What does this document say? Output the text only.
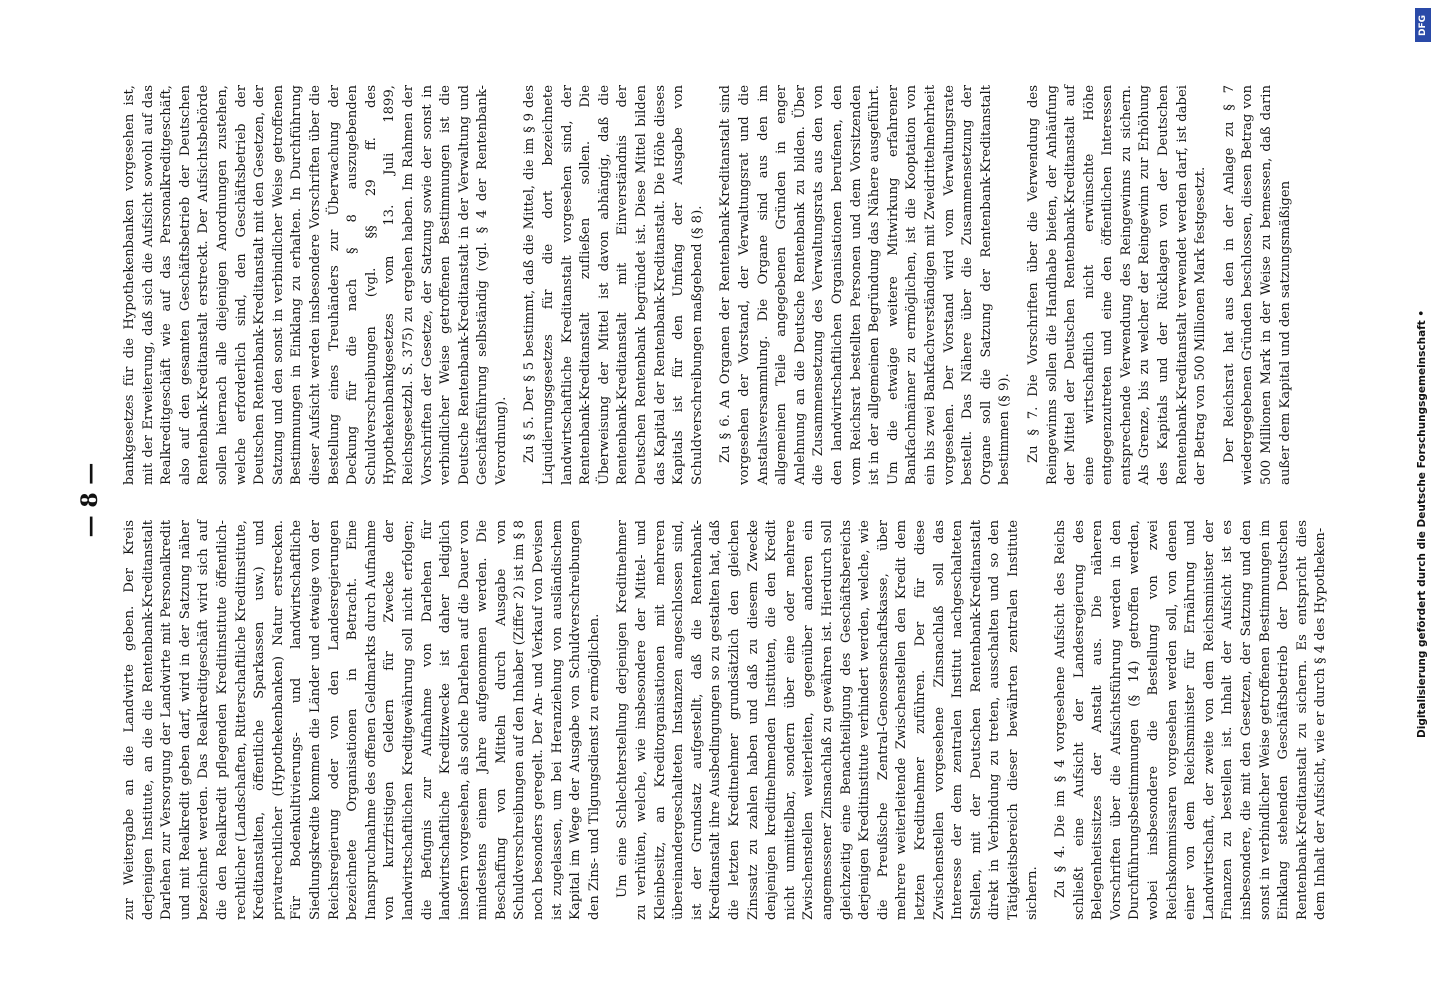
— 8 —

zur Weitergabe an die Landwirte geben. Der Kreis derjenigen Institute, an die die Rentenbank-Kreditanstalt Darlehen zur Versorgung der Landwirte mit Personalkredit und mit Realkredit geben darf, wird in der Satzung näher bezeichnet werden. Das Realkreditgeschäft wird sich auf die den Realkredit pflegenden Kreditinstitute öffentlich-rechtlicher (Landschaften, Ritterschaftliche Kreditinstitute, Kreditanstalten, öffentliche Sparkassen usw.) und privatrechtlicher (Hypothekenbanken) Natur erstrecken. Für Bodenkultivierungs- und landwirtschaftliche Siedlungskredite kommen die Länder und etwaige von der Reichsregierung oder von den Landesregierungen bezeichnete Organisationen in Betracht. Eine Inanspruchnahme des offenen Geldmarkts durch Aufnahme von kurzfristigen Geldern für Zwecke der landwirtschaftlichen Kreditgewährung soll nicht erfolgen; die Befugnis zur Aufnahme von Darlehen für landwirtschaftliche Kreditzwecke ist daher lediglich insofern vorgesehen, als solche Darlehen auf die Dauer von mindestens einem Jahre aufgenommen werden. Die Beschaffung von Mitteln durch Ausgabe von Schuldverschreibungen auf den Inhaber (Ziffer 2) ist im § 8 noch besonders geregelt. Der An- und Verkauf von Devisen ist zugelassen, um bei Heranziehung von ausländischem Kapital im Wege der Ausgabe von Schuldverschreibungen den Zins- und Tilgungsdienst zu ermöglichen. Um eine Schlechterstellung derjenigen Kreditnehmer zu verhüten, welche, wie insbesondere der Mittel- und Kleinbesitz, an Kreditorganisationen mit mehreren übereinandergeschalteten Instanzen angeschlossen sind, ist der Grundsatz aufgestellt, daß die Rentenbank-Kreditanstalt ihre Ausbedingungen so zu gestalten hat, daß die letzten Kreditnehmer grundsätzlich den gleichen Zinssatz zu zahlen haben und daß zu diesem Zwecke denjenigen kreditnehmenden Instituten, die den Kredit nicht unmittelbar, sondern über eine oder mehrere Zwischenstellen weiterleiten, gegenüber anderen ein angemessener Zinsnachlaß zu gewähren ist. Hierdurch soll gleichzeitig eine Benachteiligung des Geschäftsbereichs derjenigen Kreditinstitute verhindert werden, welche, wie die Preußische Zentral-Genossenschaftskasse, über mehrere weiterleitende Zwischenstellen den Kredit dem letzten Kreditnehmer zuführen. Der für diese Zwischenstellen vorgesehene Zinsnachlaß soll das Interesse der dem zentralen Institut nachgeschalteten Stellen, mit der Deutschen Rentenbank-Kreditanstalt direkt in Verbindung zu treten, ausschalten und so den Tätigkeitsbereich dieser bewährten zentralen Institute sichern. Zu § 4. Die im § 4 vorgesehene Aufsicht des Reichs schließt eine Aufsicht der Landesregierung des Belegenheitssitzes der Anstalt aus. Die näheren Vorschriften über die Aufsichtsführung werden in den Durchführungsbestimmungen (§ 14) getroffen werden, wobei insbesondere die Bestellung von zwei Reichskommissaren vorgesehen werden soll, von denen einer von dem Reichsminister für Ernährung und Landwirtschaft, der zweite von dem Reichsminister der Finanzen zu bestellen ist. Inhalt der Aufsicht ist es insbesondere, die mit den Gesetzen, der Satzung und den sonst in verbindlicher Weise getroffenen Bestimmungen im Einklang stehenden Geschäftsbetrieb der Deutschen Rentenbank-Kreditanstalt zu sichern. Es entspricht dies dem Inhalt der Aufsicht, wie er durch § 4 des Hypotheken-

bankgesetzes für die Hypothekenbanken vorgesehen ist, mit der Erweiterung, daß sich die Aufsicht sowohl auf das Realkreditgeschäft wie auf das Personalkreditgeschäft, also auf den gesamten Geschäftsbetrieb der Deutschen Rentenbank-Kreditanstalt erstreckt. Der Aufsichtsbehörde sollen hiernach alle diejenigen Anordnungen zustehen, welche erforderlich sind, den Geschäftsbetrieb der Deutschen Rentenbank-Kreditanstalt mit den Gesetzen, der Satzung und den sonst in verbindlicher Weise getroffenen Bestimmungen in Einklang zu erhalten. In Durchführung dieser Aufsicht werden insbesondere Vorschriften über die Bestellung eines Treuhänders zur Überwachung der Deckung für die nach § 8 auszugebenden Schuldverschreibungen (vgl. §§ 29 ff. des Hypothekenbankgesetzes vom 13. Juli 1899, Reichsgesetzbl. S. 375) zu ergehen haben. Im Rahmen der Vorschriften der Gesetze, der Satzung sowie der sonst in verbindlicher Weise getroffenen Bestimmungen ist die Deutsche Rentenbank-Kreditanstalt in der Verwaltung und Geschäftsführung selbständig (vgl. § 4 der Rentenbank-Verordnung). Zu § 5. Der § 5 bestimmt, daß die Mittel, die im § 9 des Liquidierungsgesetzes für die dort bezeichnete landwirtschaftliche Kreditanstalt vorgesehen sind, der Rentenbank-Kreditanstalt zufließen sollen. Die Überweisung der Mittel ist davon abhängig, daß die Rentenbank-Kreditanstalt mit Einverständnis der Deutschen Rentenbank begründet ist. Diese Mittel bilden das Kapital der Rentenbank-Kreditanstalt. Die Höhe dieses Kapitals ist für den Umfang der Ausgabe von Schuldverschreibungen maßgebend (§ 8). Zu § 6. An Organen der Rentenbank-Kreditanstalt sind vorgesehen der Vorstand, der Verwaltungsrat und die Anstaltsversammlung. Die Organe sind aus den im allgemeinen Teile angegebenen Gründen in enger Anlehnung an die Deutsche Rentenbank zu bilden. Über die Zusammensetzung des Verwaltungsrats aus den von den landwirtschaftlichen Organisationen berufenen, den vom Reichsrat bestellten Personen und dem Vorsitzenden ist in der allgemeinen Begründung das Nähere ausgeführt. Um die etwaige weitere Mitwirkung erfahrener Bankfachmänner zu ermöglichen, ist die Kooptation von ein bis zwei Bankfachverständigen mit Zweidrittelmehrheit vorgesehen. Der Vorstand wird vom Verwaltungsrate bestellt. Das Nähere über die Zusammensetzung der Organe soll die Satzung der Rentenbank-Kreditanstalt bestimmen (§ 9). Zu § 7. Die Vorschriften über die Verwendung des Reingewinns sollen die Handhabe bieten, der Anhäufung der Mittel der Deutschen Rentenbank-Kreditanstalt auf eine wirtschaftlich nicht erwünschte Höhe entgegenzutreten und eine den öffentlichen Interessen entsprechende Verwendung des Reingewinns zu sichern. Als Grenze, bis zu welcher der Reingewinn zur Erhöhung des Kapitals und der Rücklagen von der Deutschen Rentenbank-Kreditanstalt verwendet werden darf, ist dabei der Betrag von 500 Millionen Mark festgesetzt. Der Reichsrat hat aus den in der Anlage zu § 7 wiedergegebenen Gründen beschlossen, diesen Betrag von 500 Millionen Mark in der Weise zu bemessen, daß darin außer dem Kapital und den satzungsmäßigen

DFG
Digitalisierung gefördert durch die Deutsche Forschungsgemeinschaft •
